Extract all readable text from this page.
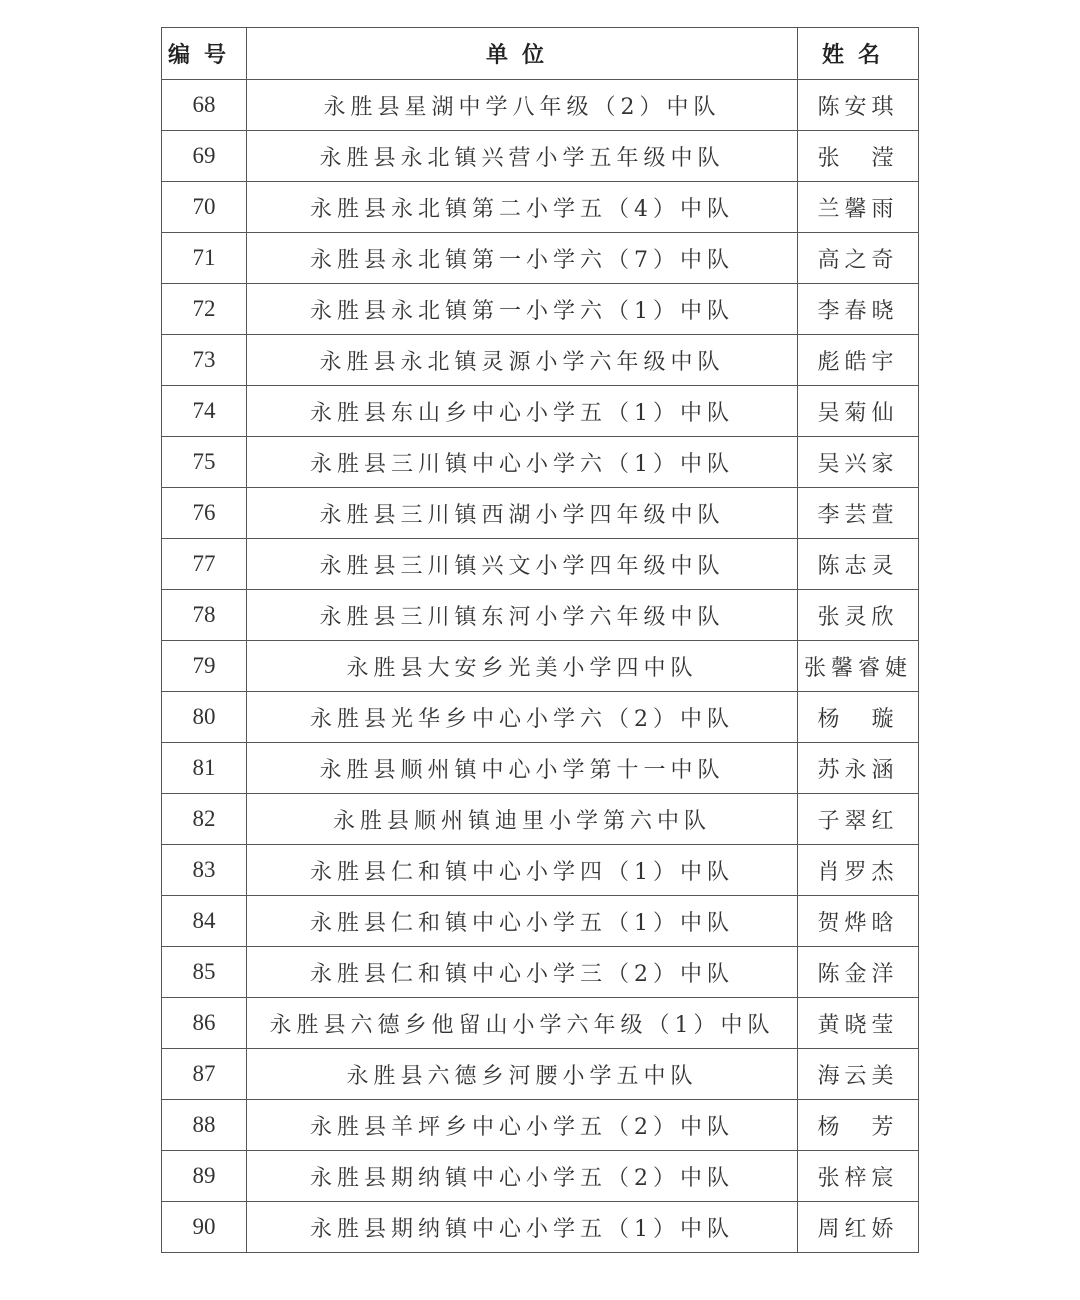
编号	单位	姓名
68	永胜县星湖中学八年级（2）中队	陈安琪
69	永胜县永北镇兴营小学五年级中队	张　滢
70	永胜县永北镇第二小学五（4）中队	兰馨雨
71	永胜县永北镇第一小学六（7）中队	高之奇
72	永胜县永北镇第一小学六（1）中队	李春晓
73	永胜县永北镇灵源小学六年级中队	彪皓宇
74	永胜县东山乡中心小学五（1）中队	吴菊仙
75	永胜县三川镇中心小学六（1）中队	吴兴家
76	永胜县三川镇西湖小学四年级中队	李芸萱
77	永胜县三川镇兴文小学四年级中队	陈志灵
78	永胜县三川镇东河小学六年级中队	张灵欣
79	永胜县大安乡光美小学四中队	张馨睿婕
80	永胜县光华乡中心小学六（2）中队	杨　璇
81	永胜县顺州镇中心小学第十一中队	苏永涵
82	永胜县顺州镇迪里小学第六中队	子翠红
83	永胜县仁和镇中心小学四（1）中队	肖罗杰
84	永胜县仁和镇中心小学五（1）中队	贺烨晗
85	永胜县仁和镇中心小学三（2）中队	陈金洋
86	永胜县六德乡他留山小学六年级（1）中队	黄晓莹
87	永胜县六德乡河腰小学五中队	海云美
88	永胜县羊坪乡中心小学五（2）中队	杨　芳
89	永胜县期纳镇中心小学五（2）中队	张梓宸
90	永胜县期纳镇中心小学五（1）中队	周红娇
